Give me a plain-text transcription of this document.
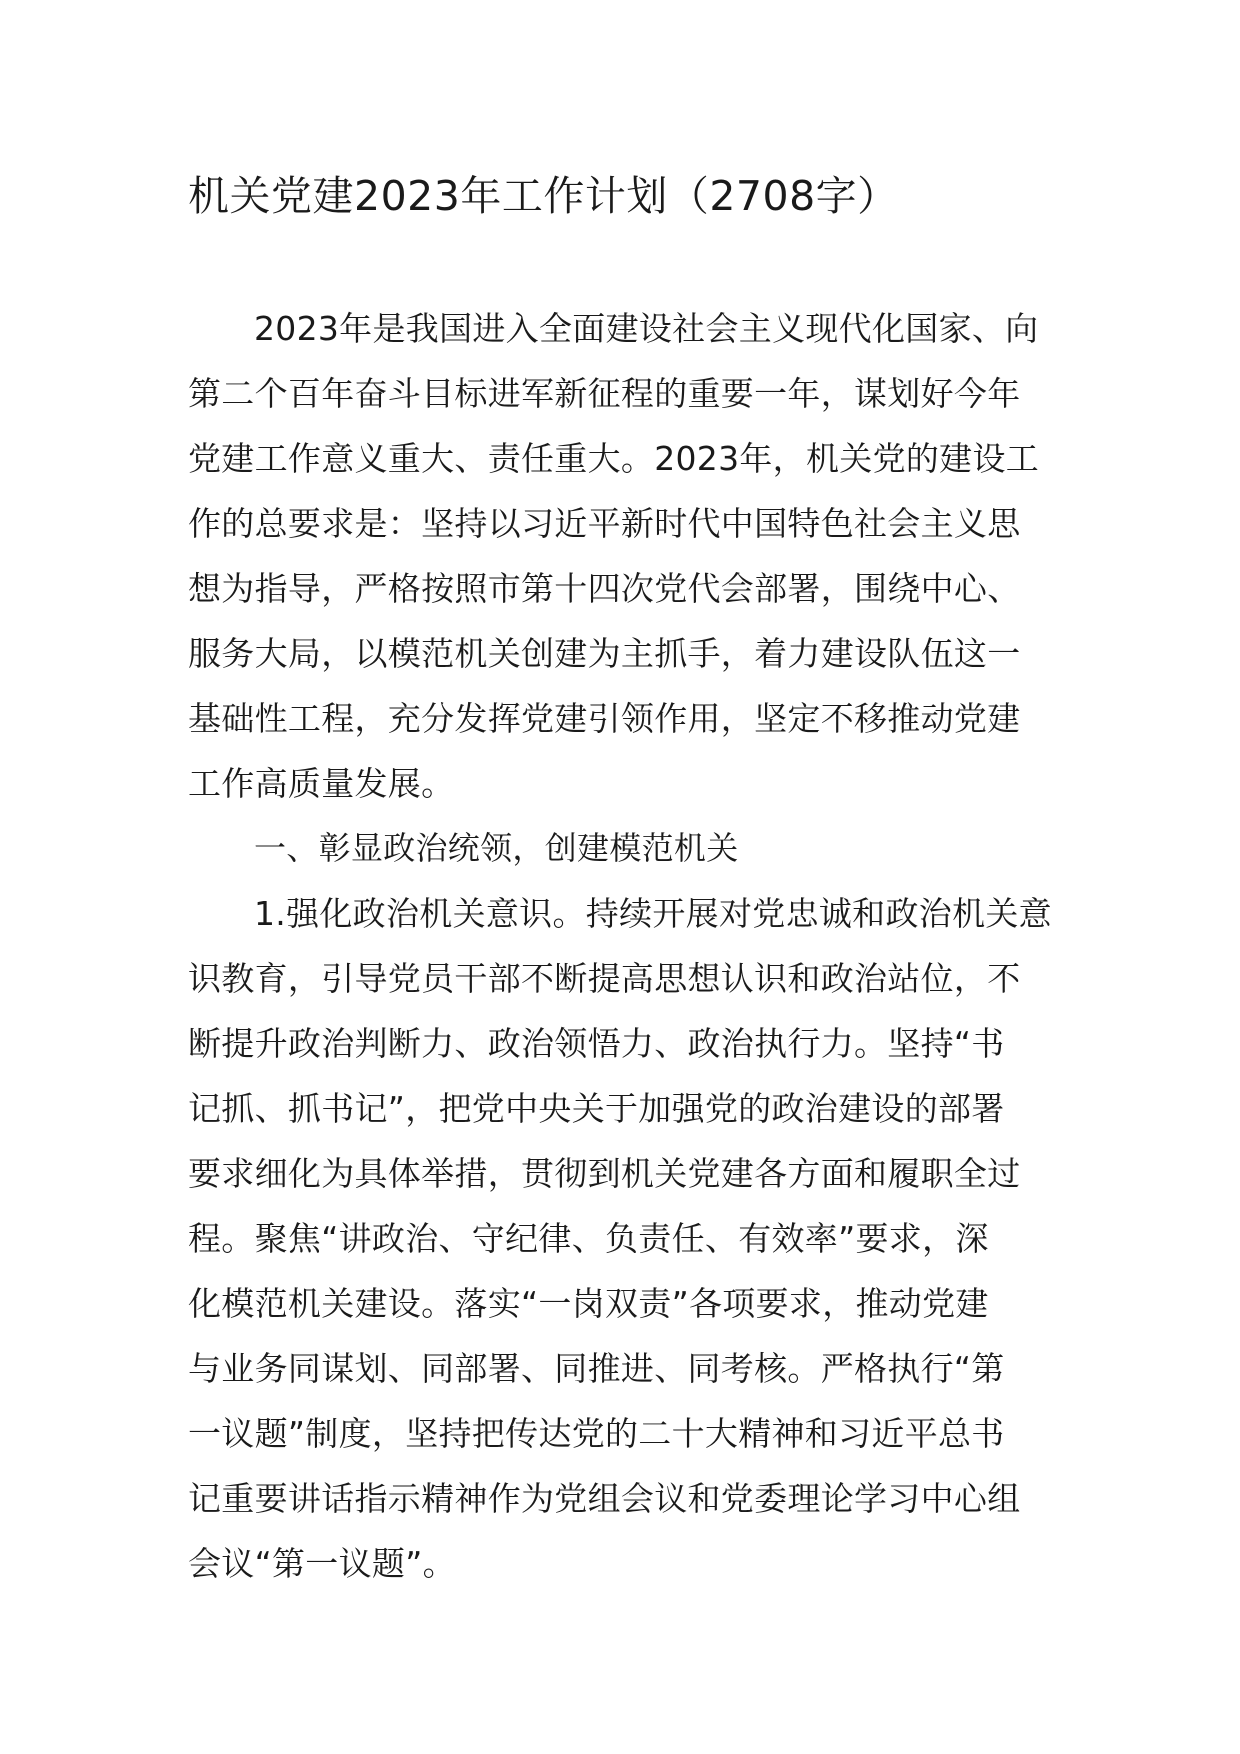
机关党建2023年工作计划（2708字）
2023年是我国进入全面建设社会主义现代化国家、向
第二个百年奋斗目标进军新征程的重要一年，谋划好今年
党建工作意义重大、责任重大。2023年，机关党的建设工
作的总要求是：坚持以习近平新时代中国特色社会主义思
想为指导，严格按照市第十四次党代会部署，围绕中心、
服务大局，以模范机关创建为主抓手，着力建设队伍这一
基础性工程，充分发挥党建引领作用，坚定不移推动党建
工作高质量发展。
一、彰显政治统领，创建模范机关
1.强化政治机关意识。持续开展对党忠诚和政治机关意
识教育，引导党员干部不断提高思想认识和政治站位，不
断提升政治判断力、政治领悟力、政治执行力。坚持“书
记抓、抓书记”，把党中央关于加强党的政治建设的部署
要求细化为具体举措，贯彻到机关党建各方面和履职全过
程。聚焦“讲政治、守纪律、负责任、有效率”要求，深
化模范机关建设。落实“一岗双责”各项要求，推动党建
与业务同谋划、同部署、同推进、同考核。严格执行“第
一议题”制度，坚持把传达党的二十大精神和习近平总书
记重要讲话指示精神作为党组会议和党委理论学习中心组
会议“第一议题”。
